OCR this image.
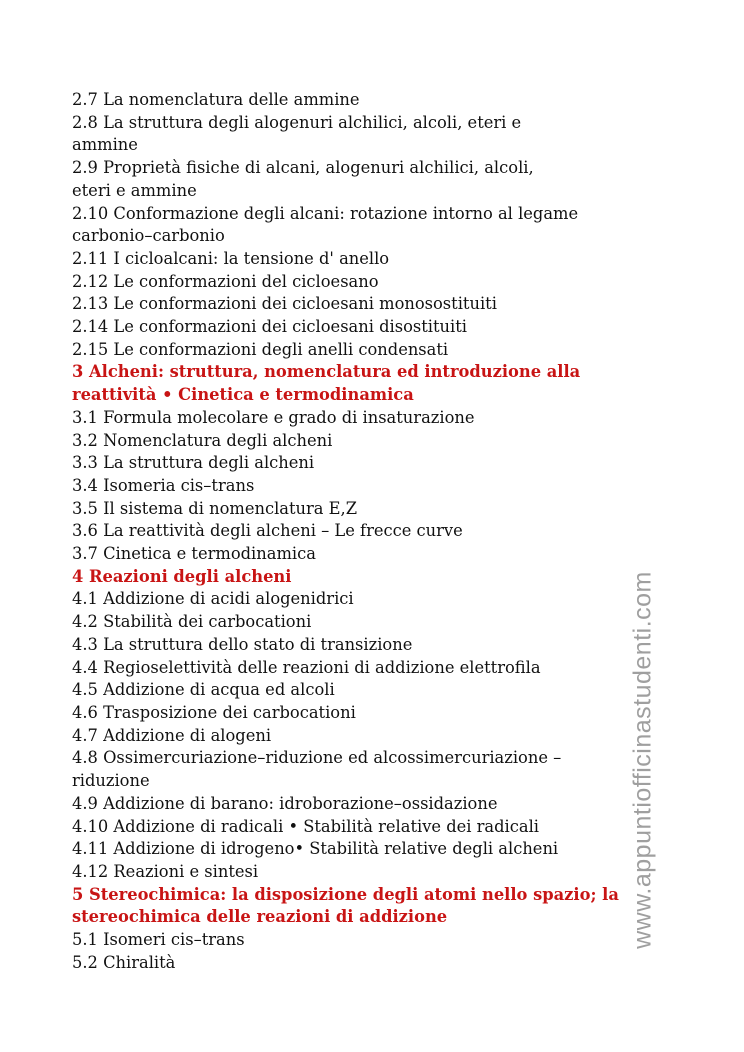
2.7 La nomenclatura delle ammine
2.8 La struttura degli alogenuri alchilici, alcoli, eteri e
ammine
2.9 Proprietà fisiche di alcani, alogenuri alchilici, alcoli,
eteri e ammine
2.10 Conformazione degli alcani: rotazione intorno al legame
carbonio–carbonio
2.11 I cicloalcani: la tensione d' anello
2.12 Le conformazioni del cicloesano
2.13 Le conformazioni dei cicloesani monosostituiti
2.14 Le conformazioni dei cicloesani disostituiti
2.15 Le conformazioni degli anelli condensati
3 Alcheni: struttura, nomenclatura ed introduzione alla
reattività • Cinetica e termodinamica
3.1 Formula molecolare e grado di insaturazione
3.2 Nomenclatura degli alcheni
3.3 La struttura degli alcheni
3.4 Isomeria cis–trans
3.5 Il sistema di nomenclatura E,Z
3.6 La reattività degli alcheni – Le frecce curve
3.7 Cinetica e termodinamica
4 Reazioni degli alcheni
4.1 Addizione di acidi alogenidrici
4.2 Stabilità dei carbocationi
4.3 La struttura dello stato di transizione
4.4 Regioselettività delle reazioni di addizione elettrofila
4.5 Addizione di acqua ed alcoli
4.6 Trasposizione dei carbocationi
4.7 Addizione di alogeni
4.8 Ossimercuriazione–riduzione ed alcossimercuriazione –
riduzione
4.9 Addizione di barano: idroborazione–ossidazione
4.10 Addizione di radicali • Stabilità relative dei radicali
4.11 Addizione di idrogeno• Stabilità relative degli alcheni
4.12 Reazioni e sintesi
5 Stereochimica: la disposizione degli atomi nello spazio; la
stereochimica delle reazioni di addizione
5.1 Isomeri cis–trans
5.2 Chiralità
www.appuntiofficinastudenti.com
